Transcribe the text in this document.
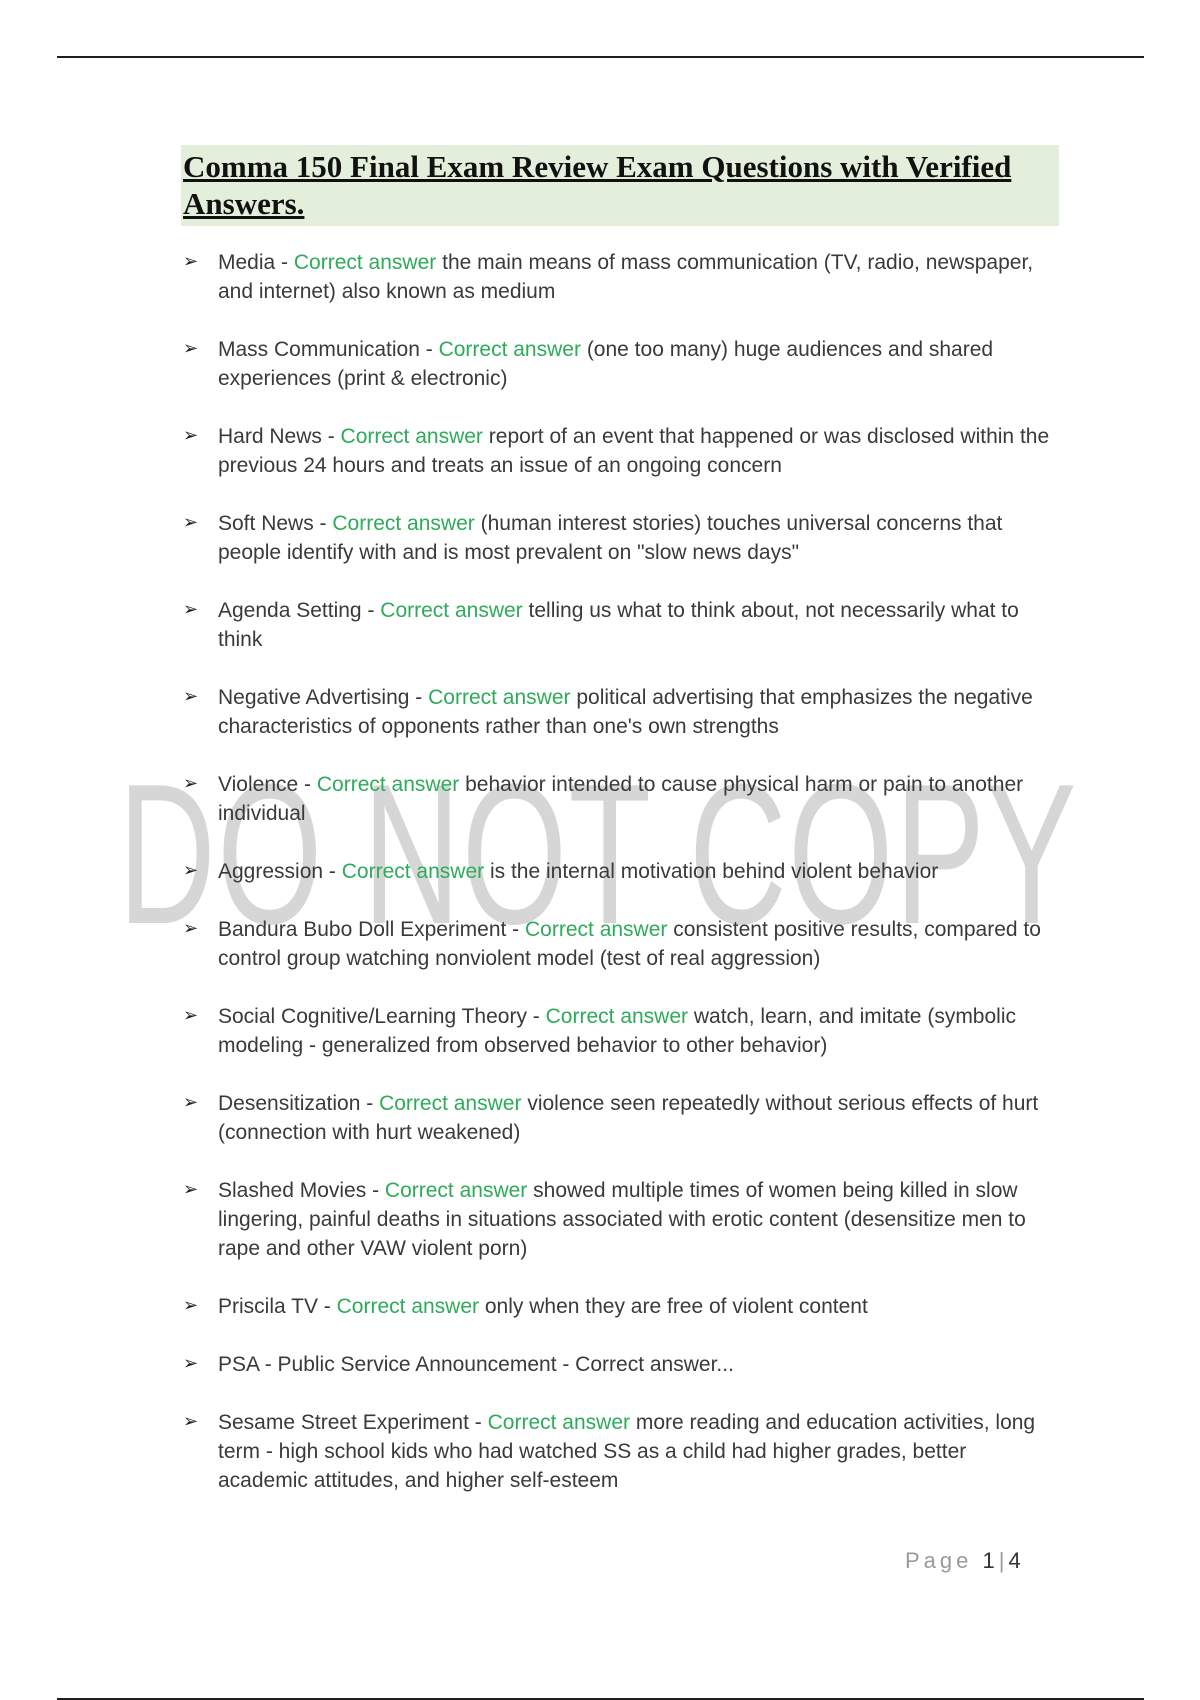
DO NOT COPY
Comma 150 Final Exam Review Exam Questions with Verified Answers.
➢ Media - Correct answer the main means of mass communication (TV, radio, newspaper, and internet) also known as medium
➢ Mass Communication - Correct answer (one too many) huge audiences and shared experiences (print & electronic)
➢ Hard News - Correct answer report of an event that happened or was disclosed within the previous 24 hours and treats an issue of an ongoing concern
➢ Soft News - Correct answer (human interest stories) touches universal concerns that people identify with and is most prevalent on "slow news days"
➢ Agenda Setting - Correct answer telling us what to think about, not necessarily what to think
➢ Negative Advertising - Correct answer political advertising that emphasizes the negative characteristics of opponents rather than one's own strengths
➢ Violence - Correct answer behavior intended to cause physical harm or pain to another individual
➢ Aggression - Correct answer is the internal motivation behind violent behavior
➢ Bandura Bubo Doll Experiment - Correct answer consistent positive results, compared to control group watching nonviolent model (test of real aggression)
➢ Social Cognitive/Learning Theory - Correct answer watch, learn, and imitate (symbolic modeling - generalized from observed behavior to other behavior)
➢ Desensitization - Correct answer violence seen repeatedly without serious effects of hurt (connection with hurt weakened)
➢ Slashed Movies - Correct answer showed multiple times of women being killed in slow lingering, painful deaths in situations associated with erotic content (desensitize men to rape and other VAW violent porn)
➢ Priscila TV - Correct answer only when they are free of violent content
➢ PSA - Public Service Announcement - Correct answer...
➢ Sesame Street Experiment - Correct answer more reading and education activities, long term - high school kids who had watched SS as a child had higher grades, better academic attitudes, and higher self-esteem
Page 1|4
